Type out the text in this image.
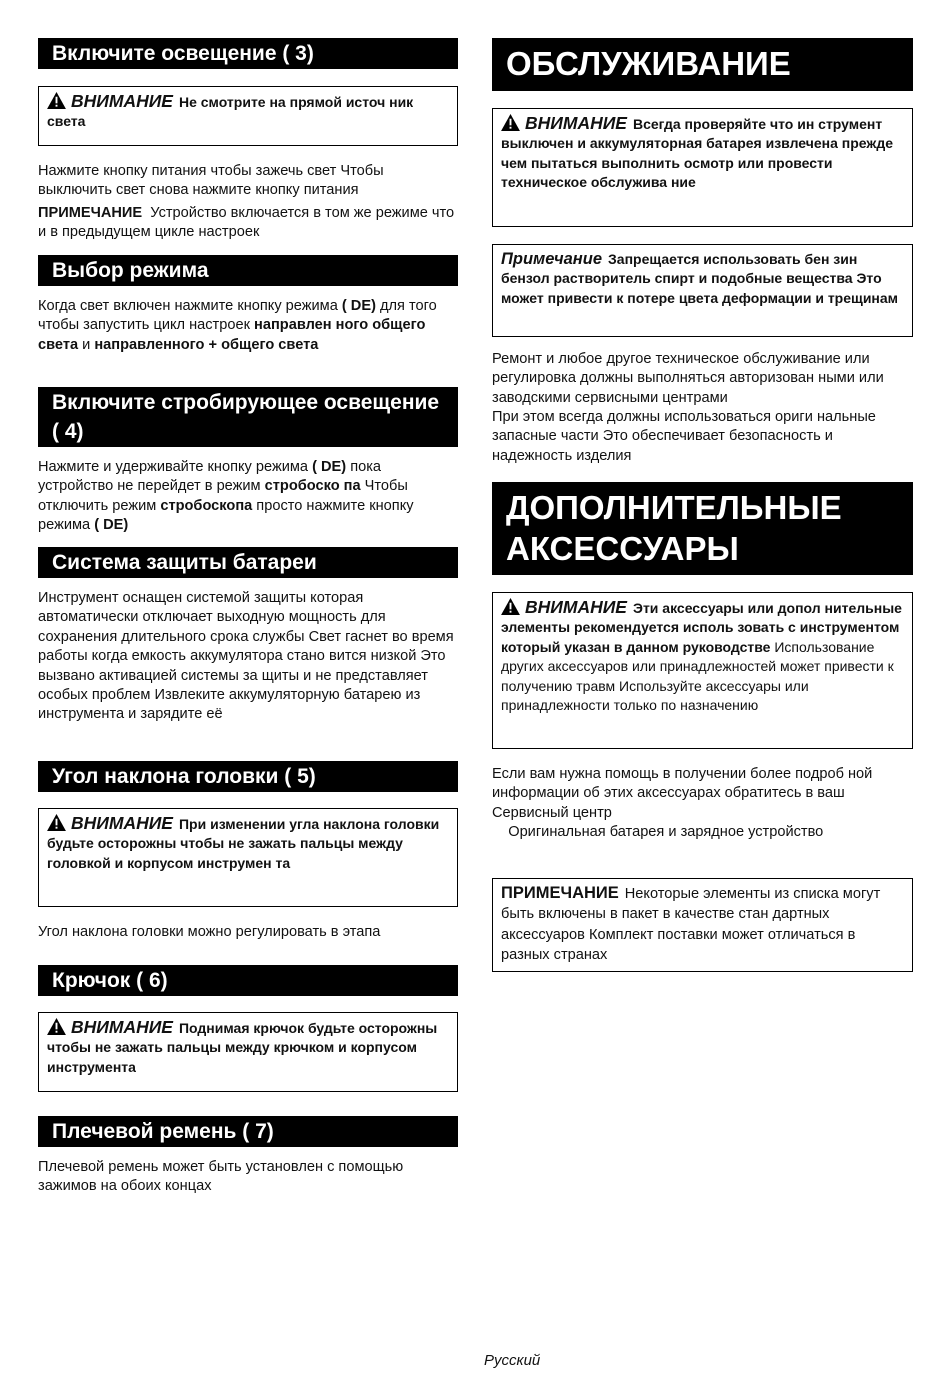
Включите освещение ( 3)
ВНИМАНИЕ Не смотрите на прямой источ ник света

Нажмите кнопку питания чтобы зажечь свет Чтобы выключить свет снова нажмите кнопку питания

ПРИМЕЧАНИЕ Устройство включается в том же режиме что и в предыдущем цикле настроек

Выбор режима

Когда свет включен нажмите кнопку режима ( DE) для того чтобы запустить цикл настроек направлен ного общего света и направленного + общего света

Включите стробирующее освещение ( 4)

Нажмите и удерживайте кнопку режима ( DE) пока устройство не перейдет в режим стробоско па Чтобы отключить режим стробоскопа просто нажмите кнопку режима ( DE)

Система защиты батареи

Инструмент оснащен системой защиты которая автоматически отключает выходную мощность для сохранения длительного срока службы Свет гаснет во время работы когда емкость аккумулятора стано вится низкой Это вызвано активацией системы за щиты и не представляет особых проблем Извлеките аккумуляторную батарею из инструмента и зарядите её

Угол наклона головки ( 5)
ВНИМАНИЕ При изменении угла наклона головки будьте осторожны чтобы не зажать пальцы между головкой и корпусом инструмен та

Угол наклона головки можно регулировать в этапа

Крючок ( 6)
ВНИМАНИЕ Поднимая крючок будьте осторожны чтобы не зажать пальцы между крючком и корпусом инструмента
Плечевой ремень ( 7)

Плечевой ремень может быть установлен с помощью зажимов на обоих концах

ОБСЛУЖИВАНИЕ
ВНИМАНИЕ Всегда проверяйте что ин струмент выключен и аккумуляторная батарея извлечена прежде чем пытаться выполнить осмотр или провести техническое обслужива ние
Примечание Запрещается использовать бен зин бензол растворитель спирт и подобные вещества Это может привести к потере цвета деформации и трещинам

Ремонт и любое другое техническое обслуживание или регулировка должны выполняться авторизован ными или заводскими сервисными центрами

При этом всегда должны использоваться ориги нальные запасные части Это обеспечивает безопасность и надежность изделия

ДОПОЛНИТЕЛЬНЫЕ АКСЕССУАРЫ
ВНИМАНИЕ Эти аксессуары или допол нительные элементы рекомендуется исполь зовать с инструментом который указан в данном руководстве Использование других аксессуаров или принадлежностей может привести к получению травм Используйте аксессуары или принадлежности только по назначению

Если вам нужна помощь в получении более подроб ной информации об этих аксессуарах обратитесь в ваш Сервисный центр

Оригинальная батарея и зарядное устройство

ПРИМЕЧАНИЕ Некоторые элементы из списка могут быть включены в пакет в качестве стан дартных аксессуаров Комплект поставки может отличаться в разных странах
Русский
